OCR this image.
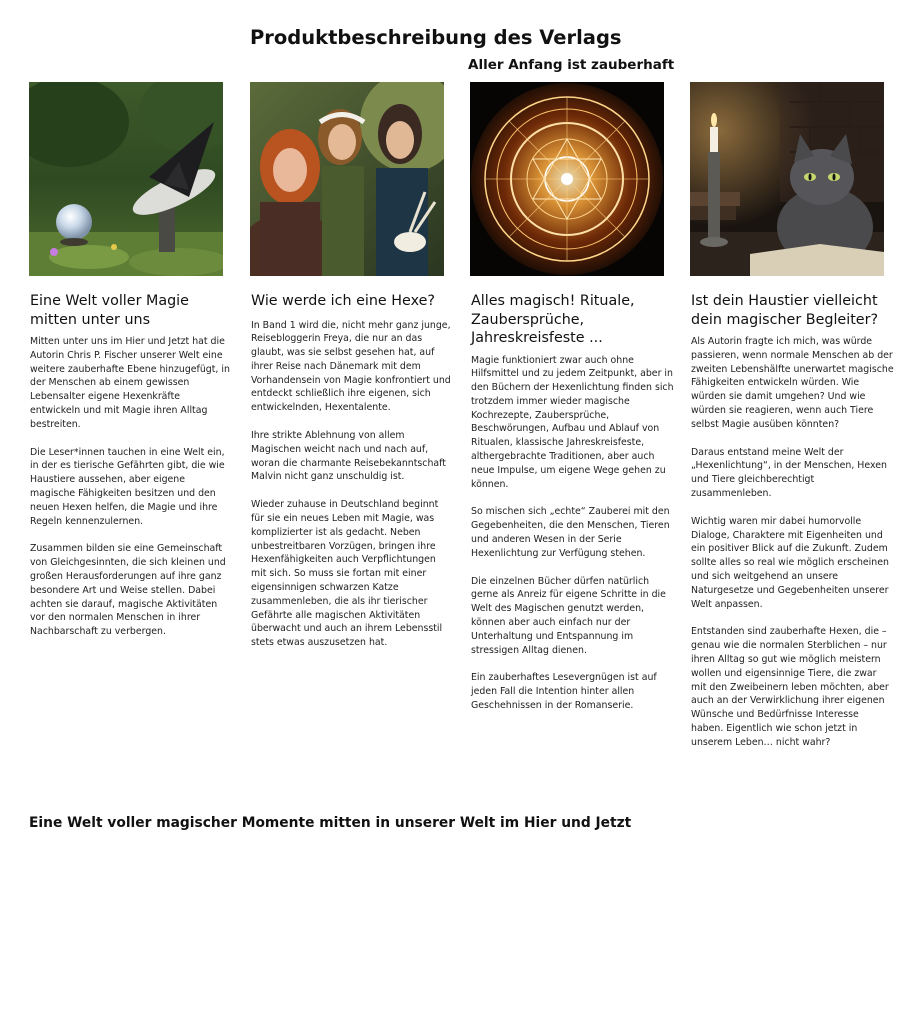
Produktbeschreibung des Verlags
Aller Anfang ist zauberhaft
Eine Welt voller Magie mitten unter uns

Mitten unter uns im Hier und Jetzt hat die Autorin Chris P. Fischer unserer Welt eine weitere zauberhafte Ebene hinzugefügt, in der Menschen ab einem gewissen Lebensalter eigene Hexenkräfte entwickeln und mit Magie ihren Alltag bestreiten.

Die Leser*innen tauchen in eine Welt ein, in der es tierische Gefährten gibt, die wie Haustiere aussehen, aber eigene magische Fähigkeiten besitzen und den neuen Hexen helfen, die Magie und ihre Regeln kennenzulernen.

Zusammen bilden sie eine Gemeinschaft von Gleichgesinnten, die sich kleinen und großen Herausforderungen auf ihre ganz besondere Art und Weise stellen. Dabei achten sie darauf, magische Aktivitäten vor den normalen Menschen in ihrer Nachbarschaft zu verbergen.

Wie werde ich eine Hexe?

In Band 1 wird die, nicht mehr ganz junge, Reisebloggerin Freya, die nur an das glaubt, was sie selbst gesehen hat, auf ihrer Reise nach Dänemark mit dem Vorhandensein von Magie konfrontiert und entdeckt schließlich ihre eigenen, sich entwickelnden, Hexentalente.

Ihre strikte Ablehnung von allem Magischen weicht nach und nach auf, woran die charmante Reisebekanntschaft Malvin nicht ganz unschuldig ist.

Wieder zuhause in Deutschland beginnt für sie ein neues Leben mit Magie, was komplizierter ist als gedacht. Neben unbestreitbaren Vorzügen, bringen ihre Hexenfähigkeiten auch Verpflichtungen mit sich. So muss sie fortan mit einer eigensinnigen schwarzen Katze zusammenleben, die als ihr tierischer Gefährte alle magischen Aktivitäten überwacht und auch an ihrem Lebensstil stets etwas auszusetzen hat.

Alles magisch! Rituale, Zaubersprüche, Jahreskreisfeste ...

Magie funktioniert zwar auch ohne Hilfsmittel und zu jedem Zeitpunkt, aber in den Büchern der Hexenlichtung finden sich trotzdem immer wieder magische Kochrezepte, Zaubersprüche, Beschwörungen, Aufbau und Ablauf von Ritualen, klassische Jahreskreisfeste, althergebrachte Traditionen, aber auch neue Impulse, um eigene Wege gehen zu können.

So mischen sich „echte“ Zauberei mit den Gegebenheiten, die den Menschen, Tieren und anderen Wesen in der Serie Hexenlichtung zur Verfügung stehen.

Die einzelnen Bücher dürfen natürlich gerne als Anreiz für eigene Schritte in die Welt des Magischen genutzt werden, können aber auch einfach nur der Unterhaltung und Entspannung im stressigen Alltag dienen.

Ein zauberhaftes Lesevergnügen ist auf jeden Fall die Intention hinter allen Geschehnissen in der Romanserie.

Ist dein Haustier vielleicht dein magischer Begleiter?

Als Autorin fragte ich mich, was würde passieren, wenn normale Menschen ab der zweiten Lebenshälfte unerwartet magische Fähigkeiten entwickeln würden. Wie würden sie damit umgehen? Und wie würden sie reagieren, wenn auch Tiere selbst Magie ausüben könnten?

Daraus entstand meine Welt der „Hexenlichtung“, in der Menschen, Hexen und Tiere gleichberechtigt zusammenleben.

Wichtig waren mir dabei humorvolle Dialoge, Charaktere mit Eigenheiten und ein positiver Blick auf die Zukunft. Zudem sollte alles so real wie möglich erscheinen und sich weitgehend an unsere Naturgesetze und Gegebenheiten unserer Welt anpassen.

Entstanden sind zauberhafte Hexen, die – genau wie die normalen Sterblichen – nur ihren Alltag so gut wie möglich meistern wollen und eigensinnige Tiere, die zwar mit den Zweibeinern leben möchten, aber auch an der Verwirklichung ihrer eigenen Wünsche und Bedürfnisse Interesse haben. Eigentlich wie schon jetzt in unserem Leben… nicht wahr?

Eine Welt voller magischer Momente mitten in unserer Welt im Hier und Jetzt
